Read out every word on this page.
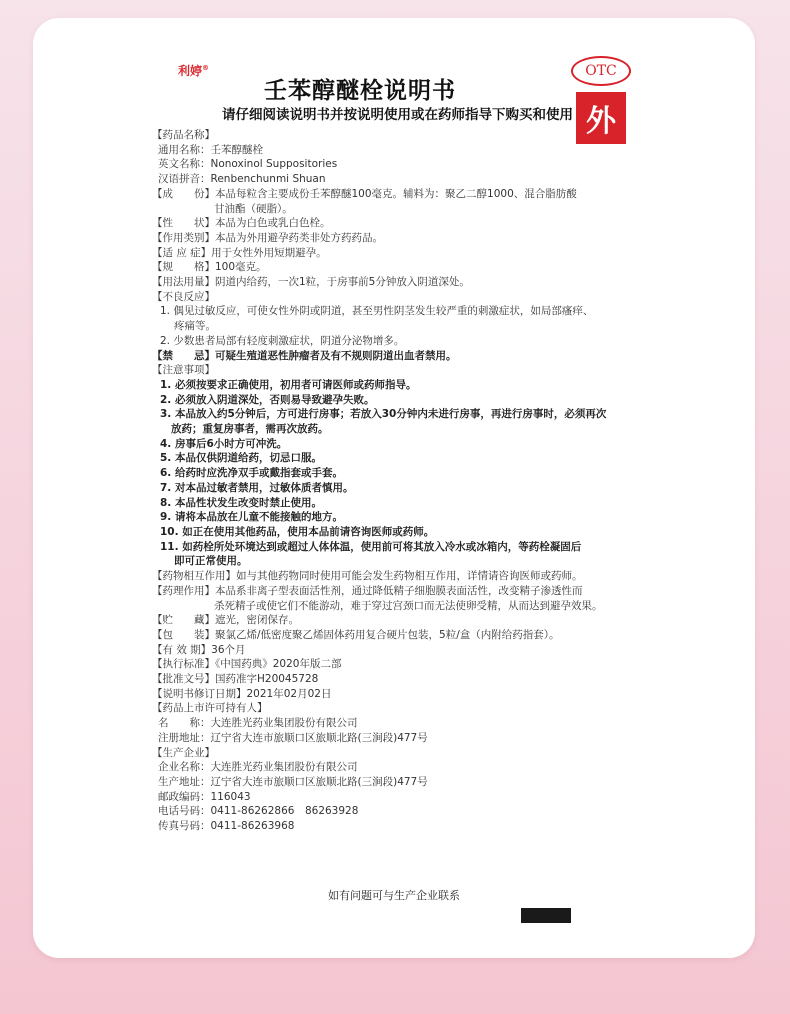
利婷®
壬苯醇醚栓说明书
请仔细阅读说明书并按说明使用或在药师指导下购买和使用
OTC
外
【药品名称】
通用名称：壬苯醇醚栓
英文名称：Nonoxinol Suppositories
汉语拼音：Renbenchunmi Shuan
【成　　份】本品每粒含主要成份壬苯醇醚100毫克。辅料为：聚乙二醇1000、混合脂肪酸
甘油酯（硬脂）。
【性　　状】本品为白色或乳白色栓。
【作用类别】本品为外用避孕药类非处方药药品。
【适 应 症】用于女性外用短期避孕。
【规　　格】100毫克。
【用法用量】阴道内给药，一次1粒，于房事前5分钟放入阴道深处。
【不良反应】
1. 偶见过敏反应，可使女性外阴或阴道，甚至男性阴茎发生较严重的刺激症状，如局部瘙痒、
疼痛等。
2. 少数患者局部有轻度刺激症状，阴道分泌物增多。
【禁　　忌】可疑生殖道恶性肿瘤者及有不规则阴道出血者禁用。
【注意事项】
1. 必须按要求正确使用，初用者可请医师或药师指导。
2. 必须放入阴道深处，否则易导致避孕失败。
3. 本品放入约5分钟后，方可进行房事；若放入30分钟内未进行房事，再进行房事时，必须再次
放药；重复房事者，需再次放药。
4. 房事后6小时方可冲洗。
5. 本品仅供阴道给药，切忌口服。
6. 给药时应洗净双手或戴指套或手套。
7. 对本品过敏者禁用，过敏体质者慎用。
8. 本品性状发生改变时禁止使用。
9. 请将本品放在儿童不能接触的地方。
10. 如正在使用其他药品，使用本品前请咨询医师或药师。
11. 如药栓所处环境达到或超过人体体温，使用前可将其放入冷水或冰箱内，等药栓凝固后
即可正常使用。
【药物相互作用】如与其他药物同时使用可能会发生药物相互作用，详情请咨询医师或药师。
【药理作用】本品系非离子型表面活性剂，通过降低精子细胞膜表面活性，改变精子渗透性而
杀死精子或使它们不能游动，难于穿过宫颈口而无法使卵受精，从而达到避孕效果。
【贮　　藏】遮光，密闭保存。
【包　　装】聚氯乙烯/低密度聚乙烯固体药用复合硬片包装，5粒/盒（内附给药指套）。
【有 效 期】36个月
【执行标准】《中国药典》2020年版二部
【批准文号】国药准字H20045728
【说明书修订日期】2021年02月02日
【药品上市许可持有人】
名　　称：大连胜光药业集团股份有限公司
注册地址：辽宁省大连市旅顺口区旅顺北路(三涧段)477号
【生产企业】
企业名称：大连胜光药业集团股份有限公司
生产地址：辽宁省大连市旅顺口区旅顺北路(三涧段)477号
邮政编码：116043
电话号码：0411-86262866　86263928
传真号码：0411-86263968
如有问题可与生产企业联系
